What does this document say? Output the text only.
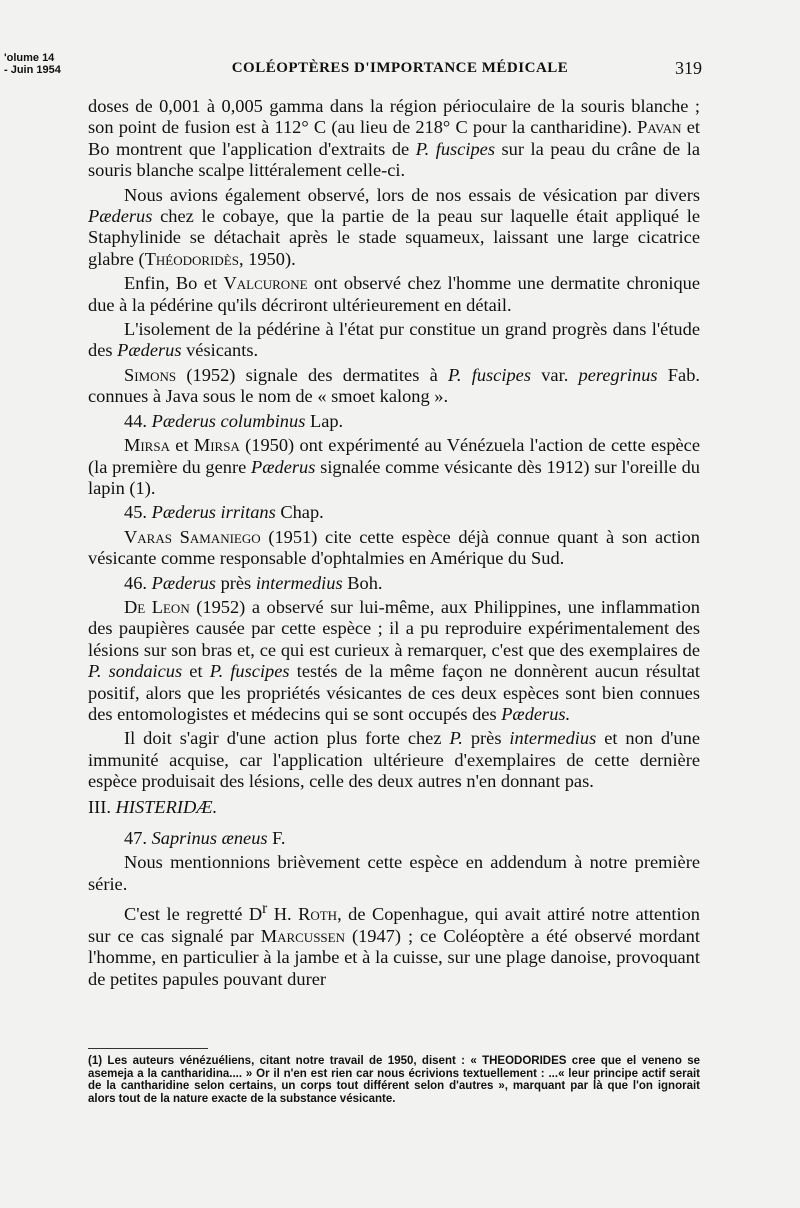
'olume 14
- Juin 1954	COLÉOPTÈRES D'IMPORTANCE MÉDICALE	319

doses de 0,001 à 0,005 gamma dans la région périoculaire de la souris blanche ; son point de fusion est à 112° C (au lieu de 218° C pour la cantharidine). Pavan et Bo montrent que l'application d'extraits de P. fuscipes sur la peau du crâne de la souris blanche scalpe littéralement celle-ci.

Nous avions également observé, lors de nos essais de vésication par divers Pæderus chez le cobaye, que la partie de la peau sur laquelle était appliqué le Staphylinide se détachait après le stade squameux, laissant une large cicatrice glabre (Théodoridès, 1950).

Enfin, Bo et Valcurone ont observé chez l'homme une dermatite chronique due à la pédérine qu'ils décriront ultérieurement en détail.

L'isolement de la pédérine à l'état pur constitue un grand progrès dans l'étude des Pæderus vésicants.

Simons (1952) signale des dermatites à P. fuscipes var. peregrinus Fab. connues à Java sous le nom de « smoet kalong ».

44. Pæderus columbinus Lap.

Mirsa et Mirsa (1950) ont expérimenté au Vénézuela l'action de cette espèce (la première du genre Pæderus signalée comme vésicante dès 1912) sur l'oreille du lapin (1).

45. Pæderus irritans Chap.

Varas Samaniego (1951) cite cette espèce déjà connue quant à son action vésicante comme responsable d'ophtalmies en Amérique du Sud.

46. Pæderus près intermedius Boh.

De Leon (1952) a observé sur lui-même, aux Philippines, une inflammation des paupières causée par cette espèce ; il a pu reproduire expérimentalement des lésions sur son bras et, ce qui est curieux à remarquer, c'est que des exemplaires de P. sondaicus et P. fuscipes testés de la même façon ne donnèrent aucun résultat positif, alors que les propriétés vésicantes de ces deux espèces sont bien connues des entomologistes et médecins qui se sont occupés des Pæderus.

Il doit s'agir d'une action plus forte chez P. près intermedius et non d'une immunité acquise, car l'application ultérieure d'exemplaires de cette dernière espèce produisait des lésions, celle des deux autres n'en donnant pas.

III. HISTERIDÆ.

47. Saprinus æneus F.

Nous mentionnions brièvement cette espèce en addendum à notre première série.

C'est le regretté $D^r$ H. Roth, de Copenhague, qui avait attiré notre attention sur ce cas signalé par Marcussen (1947) ; ce Coléoptère a été observé mordant l'homme, en particulier à la jambe et à la cuisse, sur une plage danoise, provoquant de petites papules pouvant durer

(1) Les auteurs vénézuéliens, citant notre travail de 1950, disent : « THEODORIDES cree que el veneno se asemeja a la cantharidina.... » Or il n'en est rien car nous écrivions textuellement : ...« leur principe actif serait de la cantharidine selon certains, un corps tout différent selon d'autres », marquant par là que l'on ignorait alors tout de la nature exacte de la substance vésicante.
